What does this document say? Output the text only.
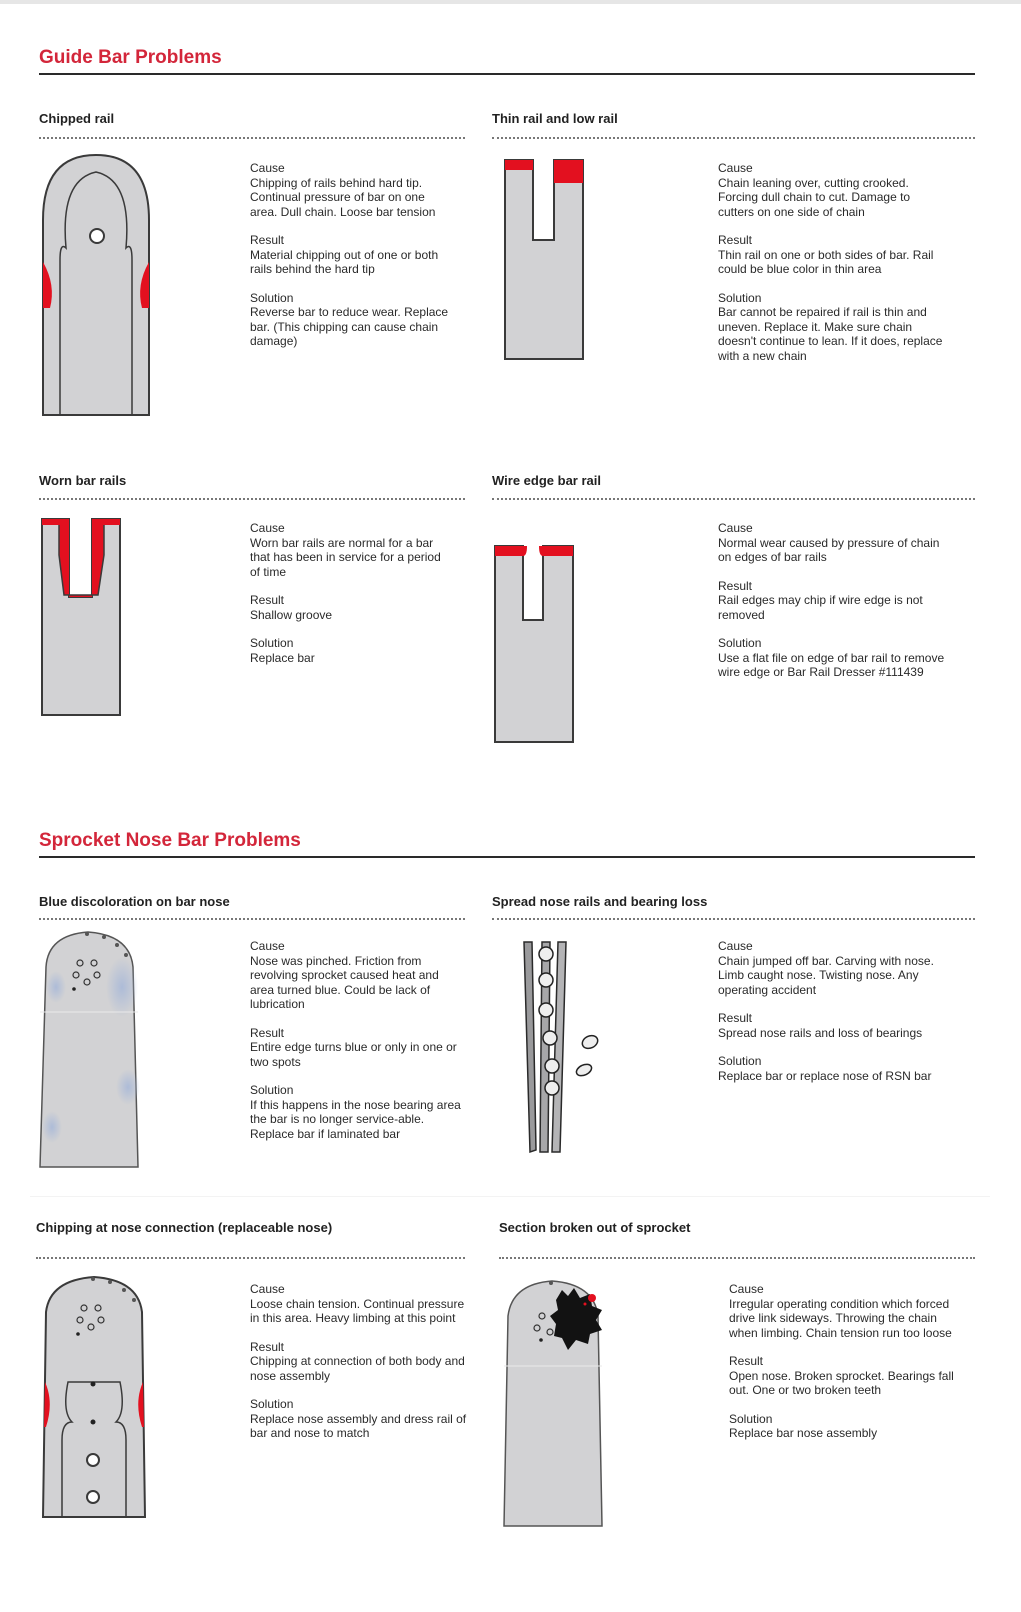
Guide Bar Problems
Chipped rail
Cause
Chipping of rails behind hard tip. Continual pressure of bar on one area. Dull chain. Loose bar tension
Result
Material chipping out of one or both rails behind the hard tip
Solution
Reverse bar to reduce wear. Replace bar. (This chipping can cause chain damage)
Thin rail and low rail
Cause
Chain leaning over, cutting crooked. Forcing dull chain to cut. Damage to cutters on one side of chain
Result
Thin rail on one or both sides of bar. Rail could be blue color in thin area
Solution
Bar cannot be repaired if rail is thin and uneven. Replace it. Make sure chain doesn't continue to lean. If it does, replace with a new chain
Worn bar rails
Cause
Worn bar rails are normal for a bar that has been in service for a period of time
Result
Shallow groove
Solution
Replace bar
Wire edge bar rail
Cause
Normal wear caused by pressure of chain on edges of bar rails
Result
Rail edges may chip if wire edge is not removed
Solution
Use a flat file on edge of bar rail to remove wire edge or Bar Rail Dresser #111439
Sprocket Nose Bar Problems
Blue discoloration on bar nose
Cause
Nose was pinched. Friction from revolving sprocket caused heat and area turned blue. Could be lack of lubrication
Result
Entire edge turns blue or only in one or two spots
Solution
If this happens in the nose bearing area the bar is no longer service-able. Replace bar if laminated bar
Spread nose rails and bearing loss
Cause
Chain jumped off bar. Carving with nose. Limb caught nose. Twisting nose. Any operating accident
Result
Spread nose rails and loss of bearings
Solution
Replace bar or replace nose of RSN bar
Chipping at nose connection (replaceable nose)
Cause
Loose chain tension. Continual pressure in this area. Heavy limbing at this point
Result
Chipping at connection of both body and nose assembly
Solution
Replace nose assembly and dress rail of bar and nose to match
Section broken out of sprocket
Cause
Irregular operating condition which forced drive link sideways. Throwing the chain when limbing. Chain tension run too loose
Result
Open nose. Broken sprocket. Bearings fall out. One or two broken teeth
Solution
Replace bar nose assembly
